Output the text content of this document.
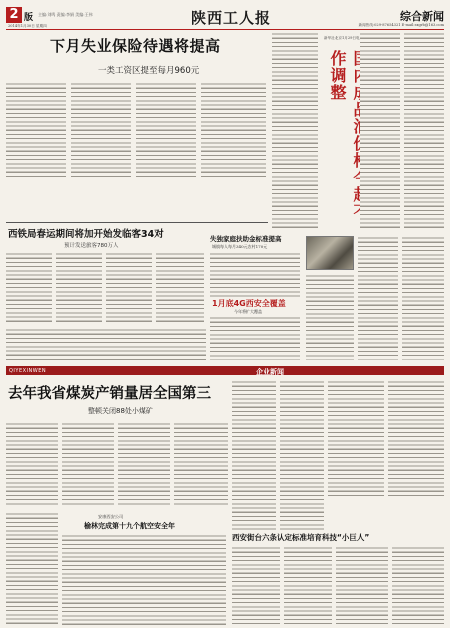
2 版 主编:刘鸣 责编:李娟 美编:王伟
2014年1月30日 星期四	陕西工人报	综合新闻
新闻热线:029-87654321 E-mail:sxgrb@163.com
下月失业保险待遇将提高
一类工资区提至每月960元
作调整
新华社北京1月29日电
西铁局春运期间将加开始发临客34对
预计发送旅客780万人
失独家庭扶助金标准提高
城镇每人每月340元农村170元
1月底4G西安全覆盖
今年将扩大覆盖
QIYEXINWEN	企业新闻
去年我省煤炭产销量居全国第三
整顿关闭88处小煤矿
安康西安公司
榆林完成第十九个航空安全年
西安街台六条认定标准培育科技“小巨人”
